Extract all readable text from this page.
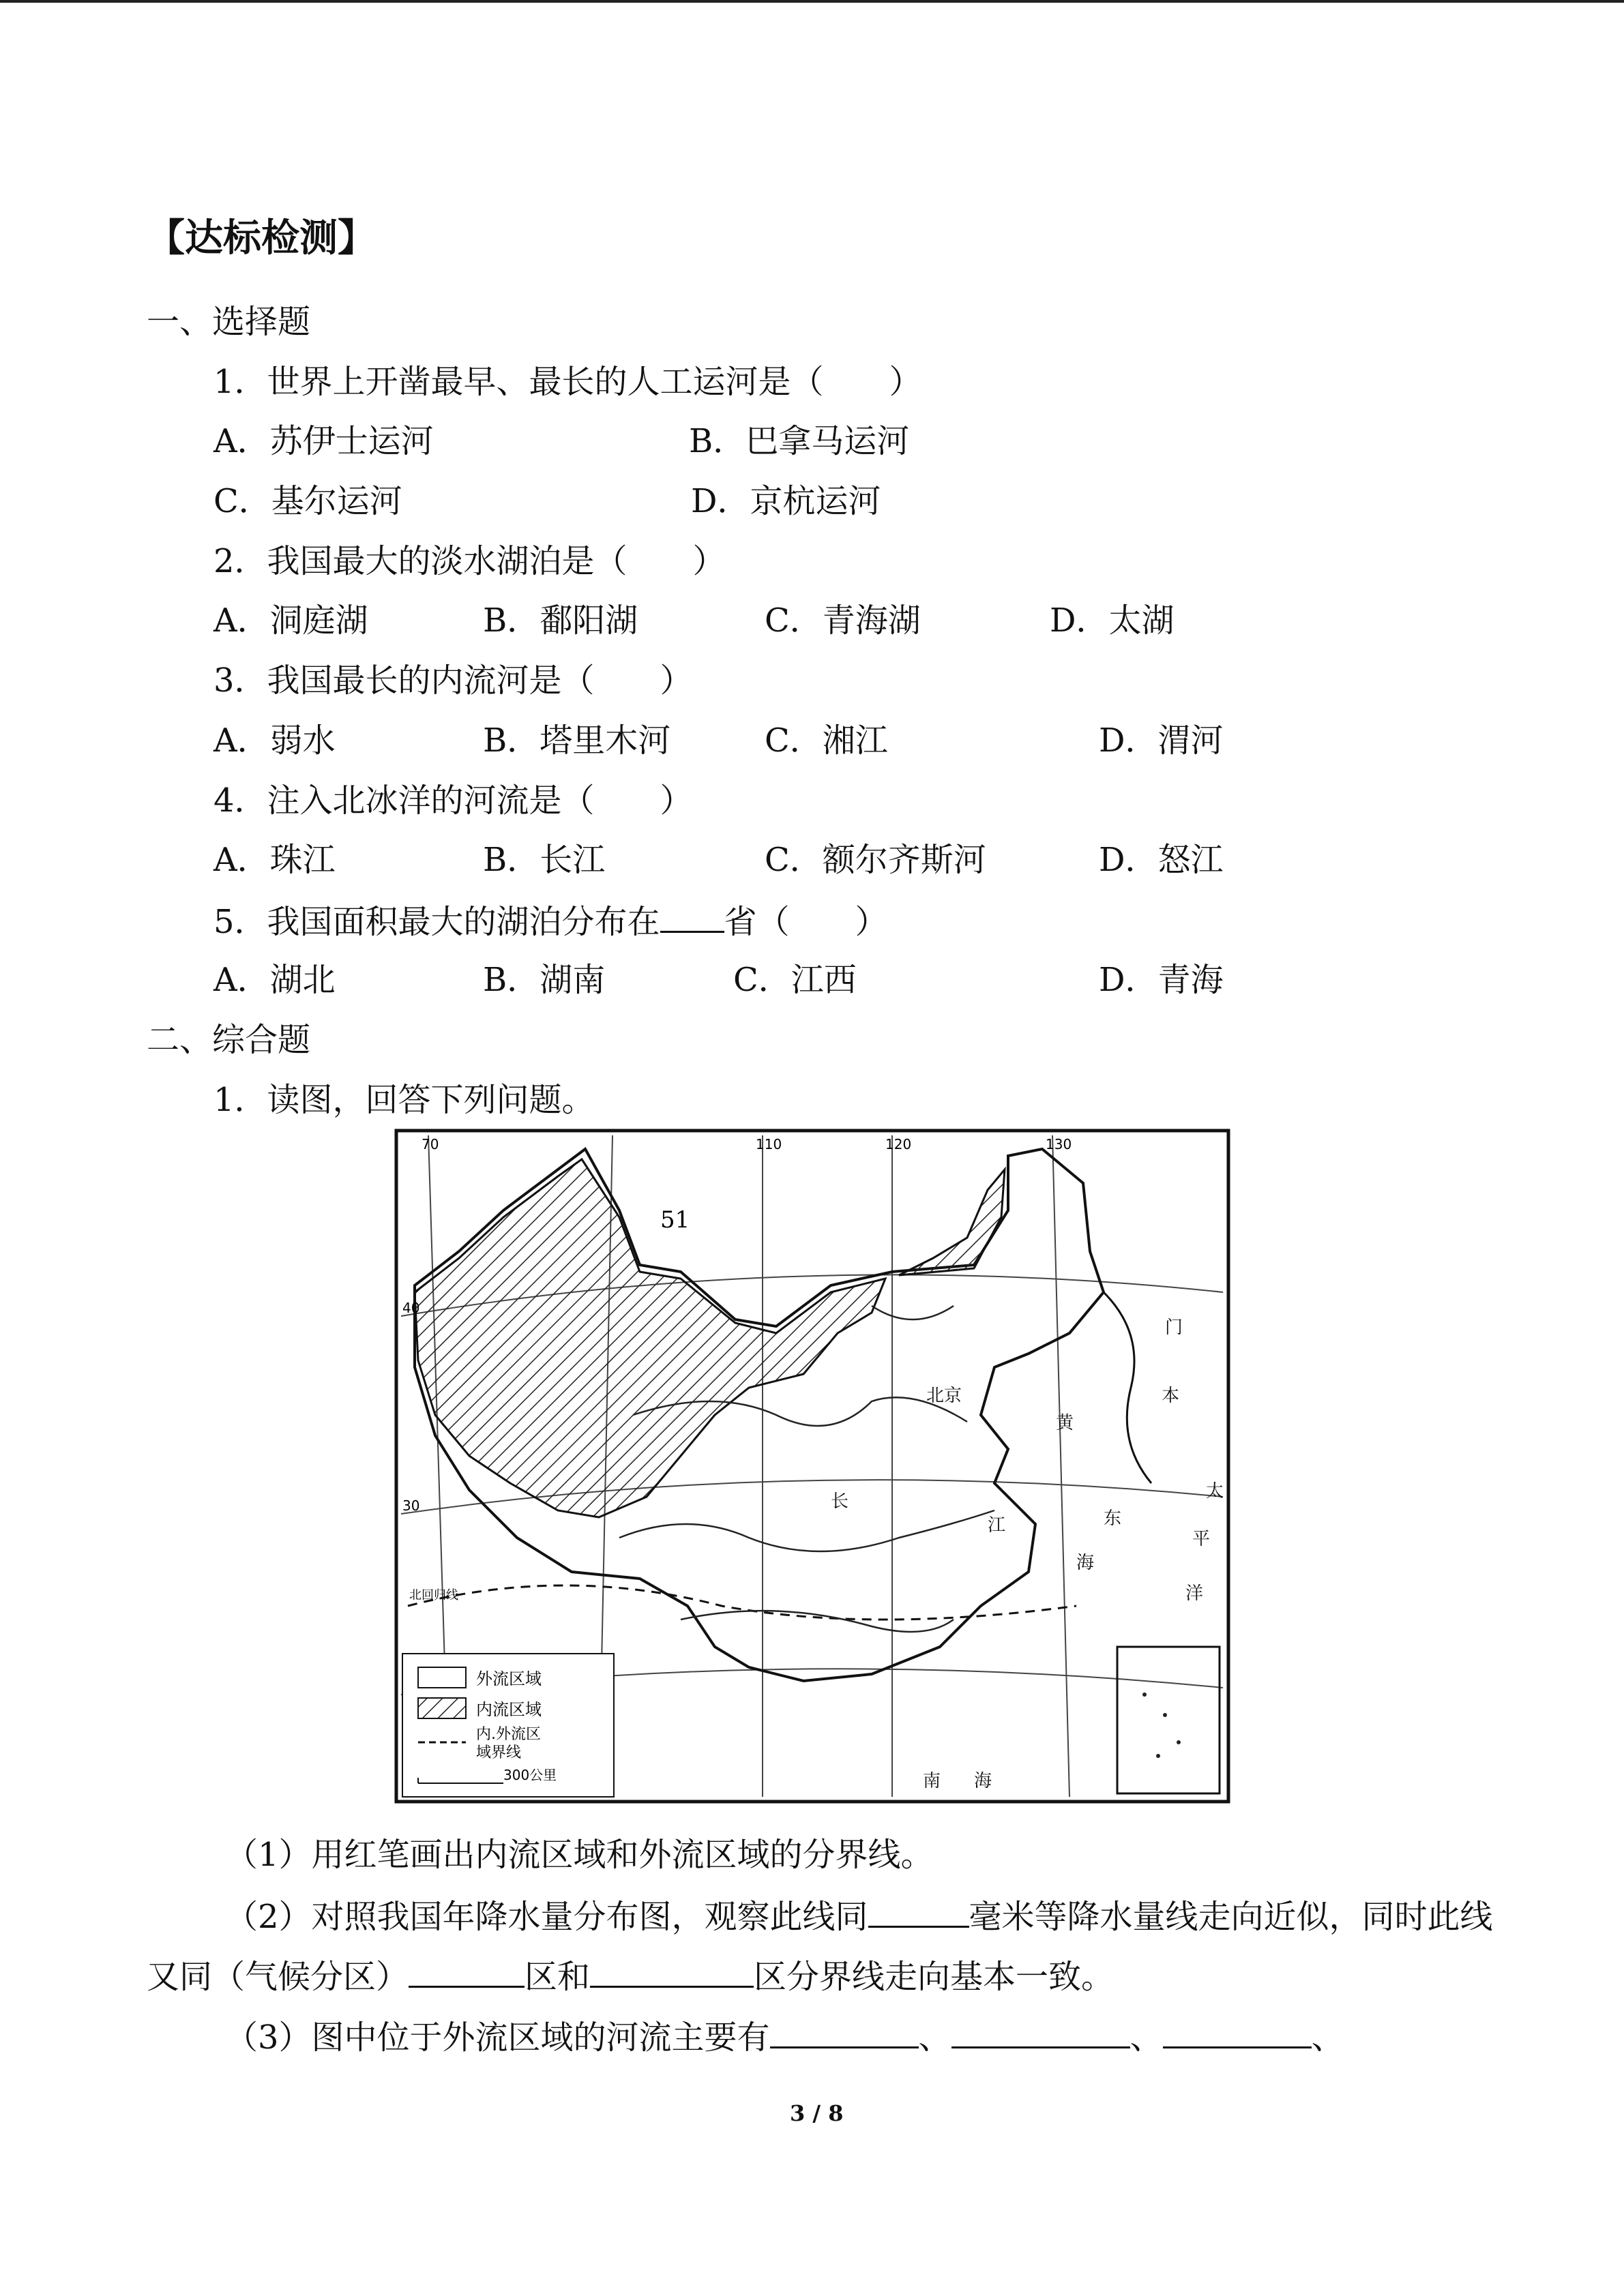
【达标检测】
一、选择题
1．世界上开凿最早、最长的人工运河是（　　）
A．苏伊士运河	B．巴拿马运河
C．基尔运河	D．京杭运河
2．我国最大的淡水湖泊是（　　）
A．洞庭湖	B．鄱阳湖	C．青海湖	D．太湖
3．我国最长的内流河是（　　）
A．弱水	B．塔里木河	C．湘江	D．渭河
4．注入北冰洋的河流是（　　）
A．珠江	B．长江	C．额尔齐斯河	D．怒江
5．我国面积最大的湖泊分布在 省（　　）
A．湖北	B．湖南	C．江西	D．青海
二、综合题
1．读图，回答下列问题。
51
70	110	120	130
40
30
北京
长
江	东
海
黄
本
太
平
洋
南 海
门
北回归线
外流区域
内流区域
内.外流区
域界线
300公里
（1）用红笔画出内流区域和外流区域的分界线。
（2）对照我国年降水量分布图，观察此线同	毫米等降水量线走向近似，同时此线
又同（气候分区）	区和	区分界线走向基本一致。
（3）图中位于外流区域的河流主要有	、	、	、
3 / 8
